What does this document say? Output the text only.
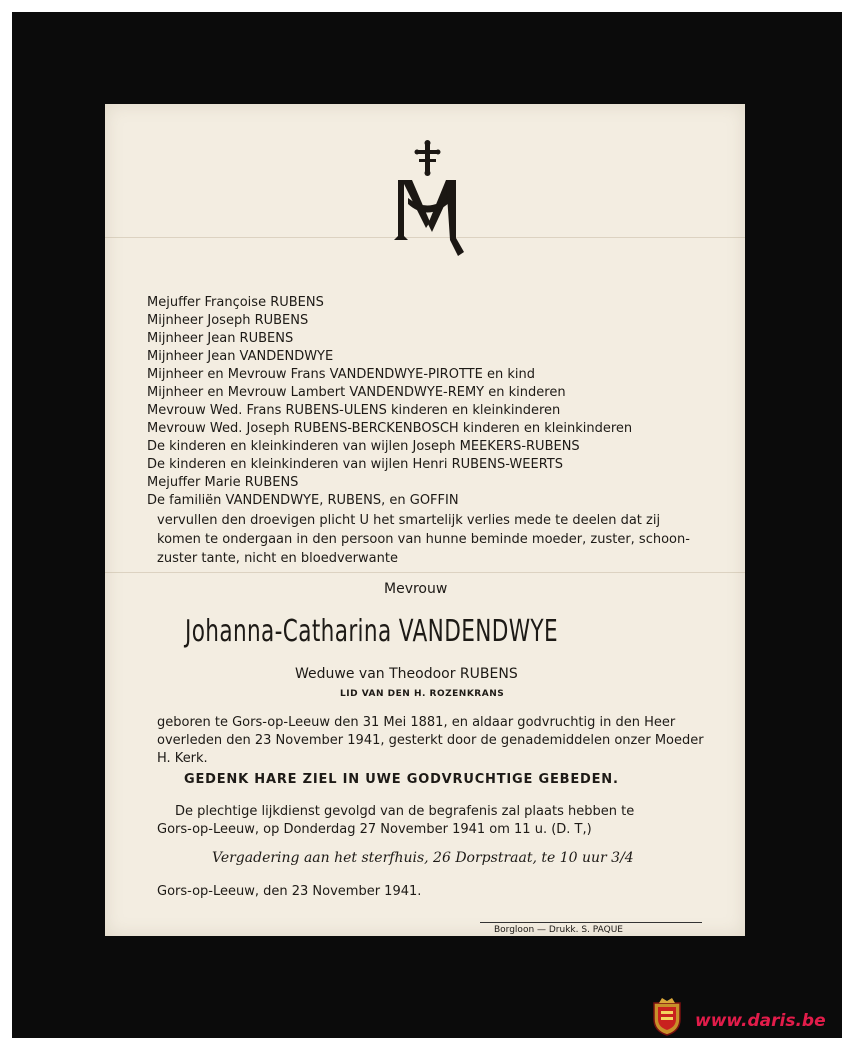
Mejuffer Françoise RUBENS
Mijnheer Joseph RUBENS
Mijnheer Jean RUBENS
Mijnheer Jean VANDENDWYE
Mijnheer en Mevrouw Frans VANDENDWYE-PIROTTE en kind
Mijnheer en Mevrouw Lambert VANDENDWYE-REMY en kinderen
Mevrouw Wed. Frans RUBENS-ULENS kinderen en kleinkinderen
Mevrouw Wed. Joseph RUBENS-BERCKENBOSCH kinderen en kleinkinderen
De kinderen en kleinkinderen van wijlen Joseph MEEKERS-RUBENS
De kinderen en kleinkinderen van wijlen Henri RUBENS-WEERTS
Mejuffer Marie RUBENS
De familiën VANDENDWYE, RUBENS, en GOFFIN
vervullen den droevigen plicht U het smartelijk verlies mede te deelen dat zij
komen te ondergaan in den persoon van hunne beminde moeder, zuster, schoon-
zuster tante, nicht en bloedverwante
Mevrouw
Johanna-Catharina VANDENDWYE
Weduwe van Theodoor RUBENS
LID VAN DEN H. ROZENKRANS
geboren te Gors-op-Leeuw den 31 Mei 1881, en aldaar godvruchtig in den Heer
overleden den 23 November 1941, gesterkt door de genademiddelen onzer Moeder
H. Kerk.
GEDENK HARE ZIEL IN UWE GODVRUCHTIGE GEBEDEN.
De plechtige lijkdienst gevolgd van de begrafenis zal plaats hebben te
Gors-op-Leeuw, op Donderdag 27 November 1941 om 11 u. (D. T,)
Vergadering aan het sterfhuis, 26 Dorpstraat, te 10 uur 3/4
Gors-op-Leeuw, den 23 November 1941.
Borgloon — Drukk. S. PAQUE
www.daris.be
